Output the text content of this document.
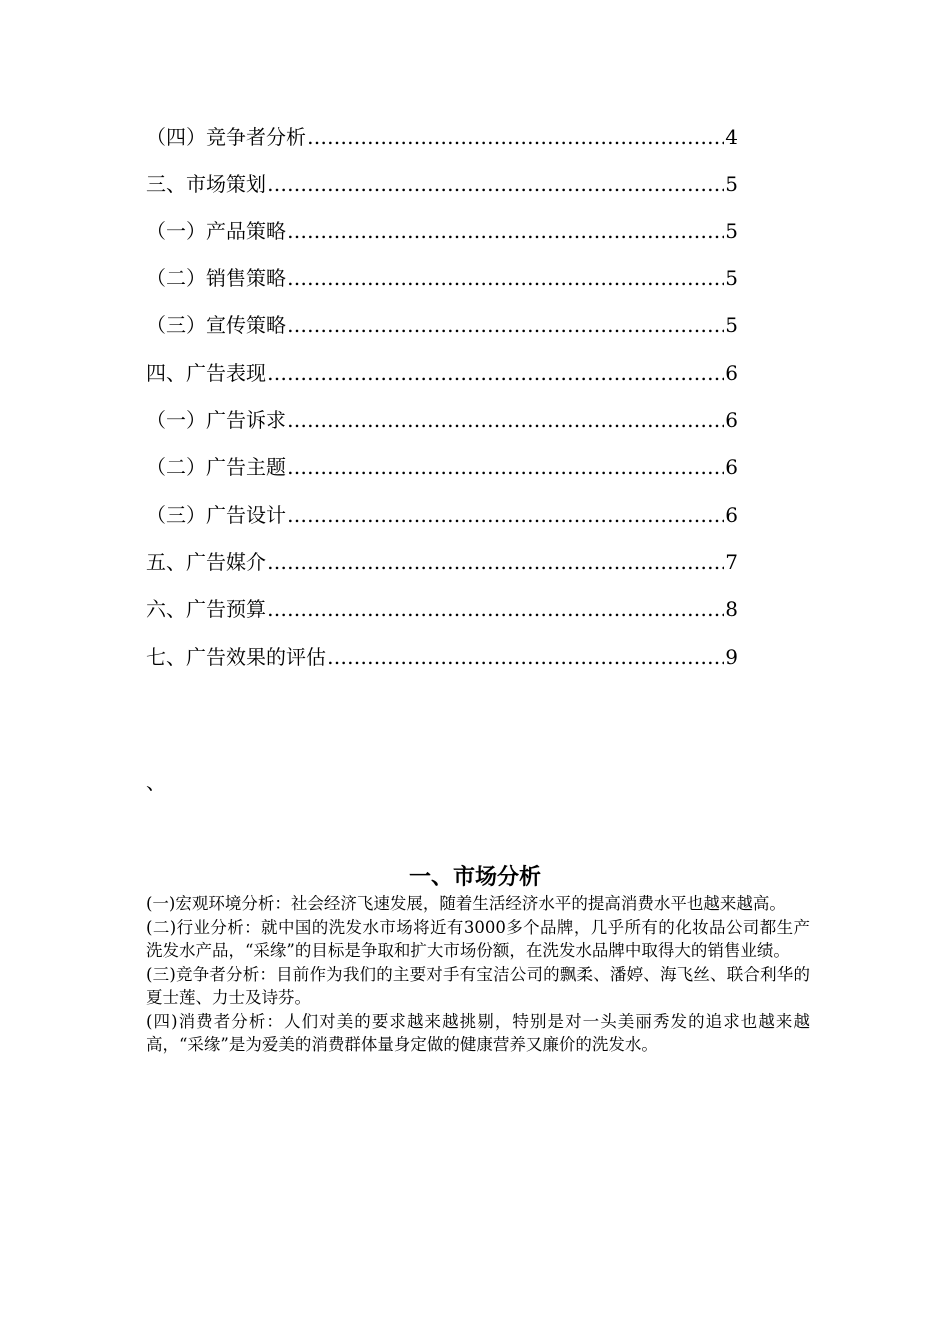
（四）竞争者分析 ……………………………………………………………………………………………………………………………………………………	4
三、市场策划 ……………………………………………………………………………………………………………………………………………………	5
（一）产品策略 ……………………………………………………………………………………………………………………………………………………	5
（二）销售策略 ……………………………………………………………………………………………………………………………………………………	5
（三）宣传策略 ……………………………………………………………………………………………………………………………………………………	5
四、广告表现 ……………………………………………………………………………………………………………………………………………………	6
（一）广告诉求 ……………………………………………………………………………………………………………………………………………………	6
（二）广告主题 ……………………………………………………………………………………………………………………………………………………	6
（三）广告设计 ……………………………………………………………………………………………………………………………………………………	6
五、广告媒介 ……………………………………………………………………………………………………………………………………………………	7
六、广告预算 ……………………………………………………………………………………………………………………………………………………	8
七、广告效果的评估 ……………………………………………………………………………………………………………………………………………………	9
、
一、市场分析

(一)宏观环境分析：社会经济飞速发展，随着生活经济水平的提高消费水平也越来越高。

(二)行业分析：就中国的洗发水市场将近有3000多个品牌，几乎所有的化妆品公司都生产洗发水产品，“采缘”的目标是争取和扩大市场份额，在洗发水品牌中取得大的销售业绩。

(三)竞争者分析：目前作为我们的主要对手有宝洁公司的飘柔、潘婷、海飞丝、联合利华的夏士莲、力士及诗芬。

(四)消费者分析：人们对美的要求越来越挑剔，特别是对一头美丽秀发的追求也越来越高，“采缘”是为爱美的消费群体量身定做的健康营养又廉价的洗发水。
